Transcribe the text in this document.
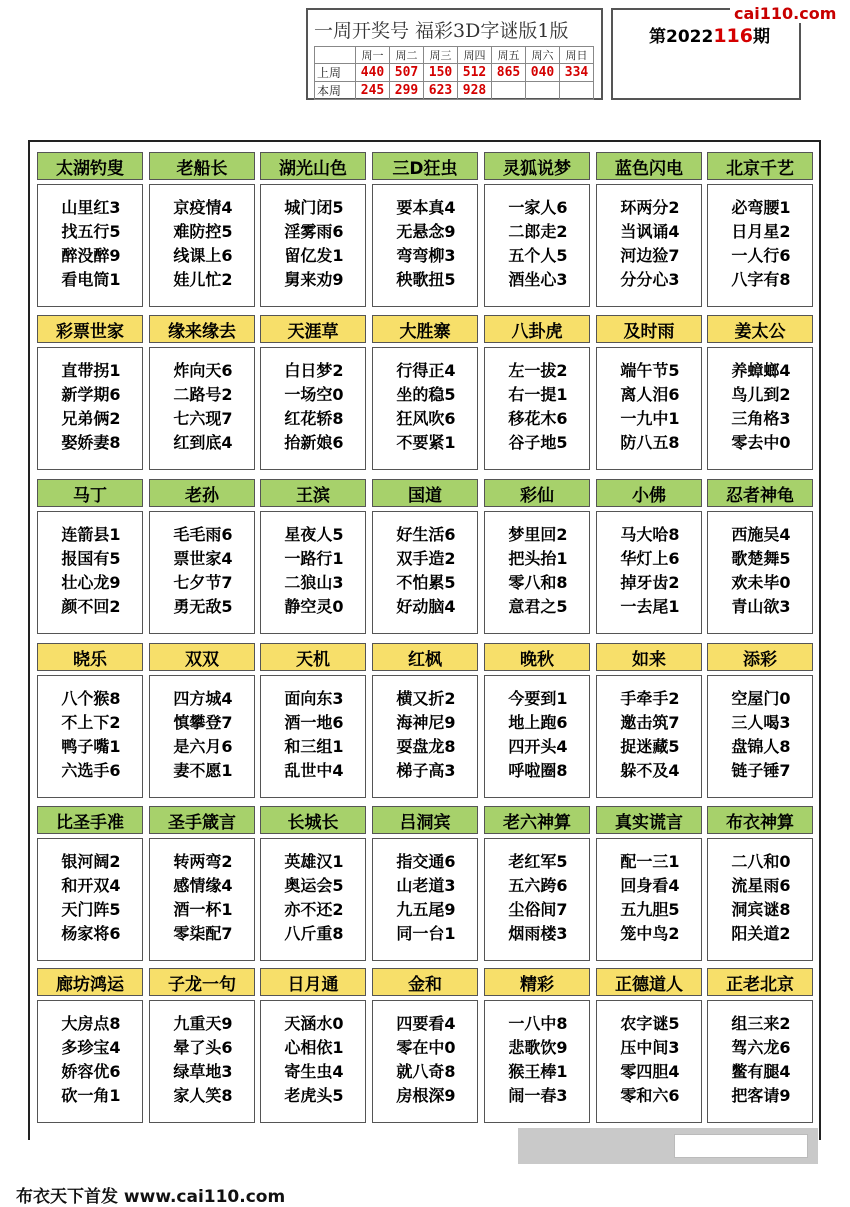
一周开奖号 福彩3D字谜版1版
	周一	周二	周三	周四	周五	周六	周日
上周	440	507	150	512	865	040	334
本周	245	299	623	928			
第2022116期
cai110.com
太湖钓叟
山里红3
找五行5
醉没醉9
看电筒1
老船长
京疫情4
难防控5
线课上6
娃儿忙2
湖光山色
城门闭5
淫雾雨6
留亿发1
舅来劝9
三D狂虫
要本真4
无悬念9
弯弯柳3
秧歌扭5
灵狐说梦
一家人6
二郎走2
五个人5
酒坐心3
蓝色闪电
环两分2
当讽诵4
河边猃7
分分心3
北京千艺
必弯腰1
日月星2
一人行6
八字有8
彩票世家
直带拐1
新学期6
兄弟俩2
娶娇妻8
缘来缘去
炸向天6
二路号2
七六现7
红到底4
天涯草
白日梦2
一场空0
红花轿8
抬新娘6
大胜寨
行得正4
坐的稳5
狂风吹6
不要紧1
八卦虎
左一拔2
右一提1
移花木6
谷子地5
及时雨
端午节5
离人泪6
一九中1
防八五8
姜太公
养蟑螂4
鸟儿到2
三角格3
零去中0
马丁
连箭县1
报国有5
壮心龙9
颜不回2
老孙
毛毛雨6
票世家4
七夕节7
勇无敌5
王滨
星夜人5
一路行1
二狼山3
静空灵0
国道
好生活6
双手造2
不怕累5
好动脑4
彩仙
梦里回2
把头抬1
零八和8
意君之5
小佛
马大哈8
华灯上6
掉牙齿2
一去尾1
忍者神龟
西施吴4
歌楚舞5
欢未毕0
青山欲3
晓乐
八个猴8
不上下2
鸭子嘴1
六选手6
双双
四方城4
慎攀登7
是六月6
妻不愿1
天机
面向东3
酒一地6
和三组1
乱世中4
红枫
横又折2
海神尼9
耍盘龙8
梯子高3
晚秋
今要到1
地上跑6
四开头4
呼啦圈8
如来
手牵手2
邀击筑7
捉迷藏5
躲不及4
添彩
空屋门0
三人喝3
盘锦人8
链子锤7
比圣手准
银河阔2
和开双4
天门阵5
杨家将6
圣手箴言
转两弯2
感情缘4
酒一杯1
零柒配7
长城长
英雄汉1
奥运会5
亦不还2
八斤重8
吕洞宾
指交通6
山老道3
九五尾9
同一台1
老六神算
老红军5
五六跨6
尘俗间7
烟雨楼3
真实谎言
配一三1
回身看4
五九胆5
笼中鸟2
布衣神算
二八和0
流星雨6
洞宾谜8
阳关道2
廊坊鸿运
大房点8
多珍宝4
娇容优6
砍一角1
子龙一句
九重天9
晕了头6
绿草地3
家人笑8
日月通
天涵水0
心相依1
寄生虫4
老虎头5
金和
四要看4
零在中0
就八奇8
房根深9
精彩
一八中8
悲歌饮9
猴王棒1
闹一春3
正德道人
农字谜5
压中间3
零四胆4
零和六6
正老北京
组三来2
驾六龙6
鳖有腿4
把客请9
布衣天下首发 www.cai110.com
